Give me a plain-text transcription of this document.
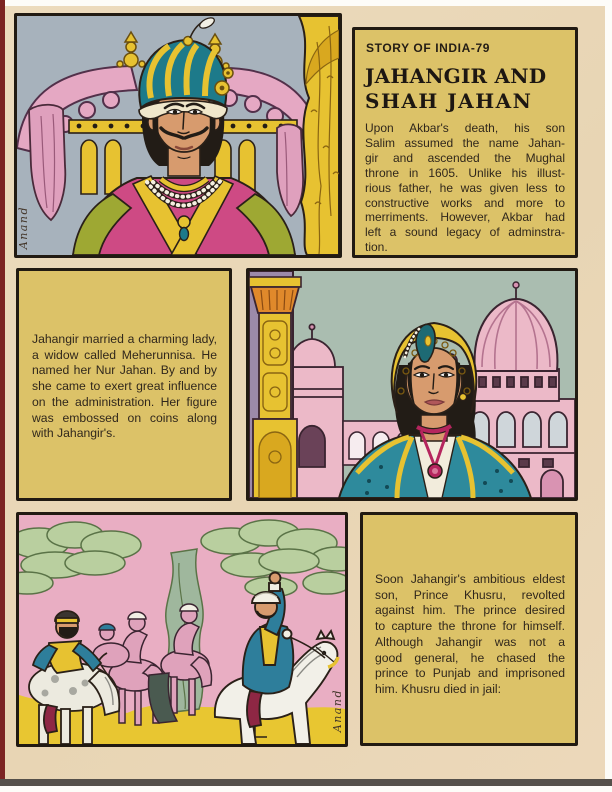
Anand
STORY OF INDIA-79
JAHANGIR AND
SHAH JAHAN
Upon Akbar's death, his son
Salim assumed the name Jahan-
gir and ascended the Mughal
throne in 1605. Unlike his illust-
rious father, he was given less to
constructive works and more to
merriments. However, Akbar had
left a sound legacy of adminstra-
tion.
Jahangir married a charming lady,
a widow called Meherunnisa. He
named her Nur Jahan. By and by
she came to exert great influence
on the administration. Her figure
was embossed on coins along
with Jahangir's.
Anand
Soon Jahangir's ambitious eldest
son, Prince Khusru, revolted
against him. The prince desired
to capture the throne for himself.
Although Jahangir was not a
good general, he chased the
prince to Punjab and imprisoned
him. Khusru died in jail:
